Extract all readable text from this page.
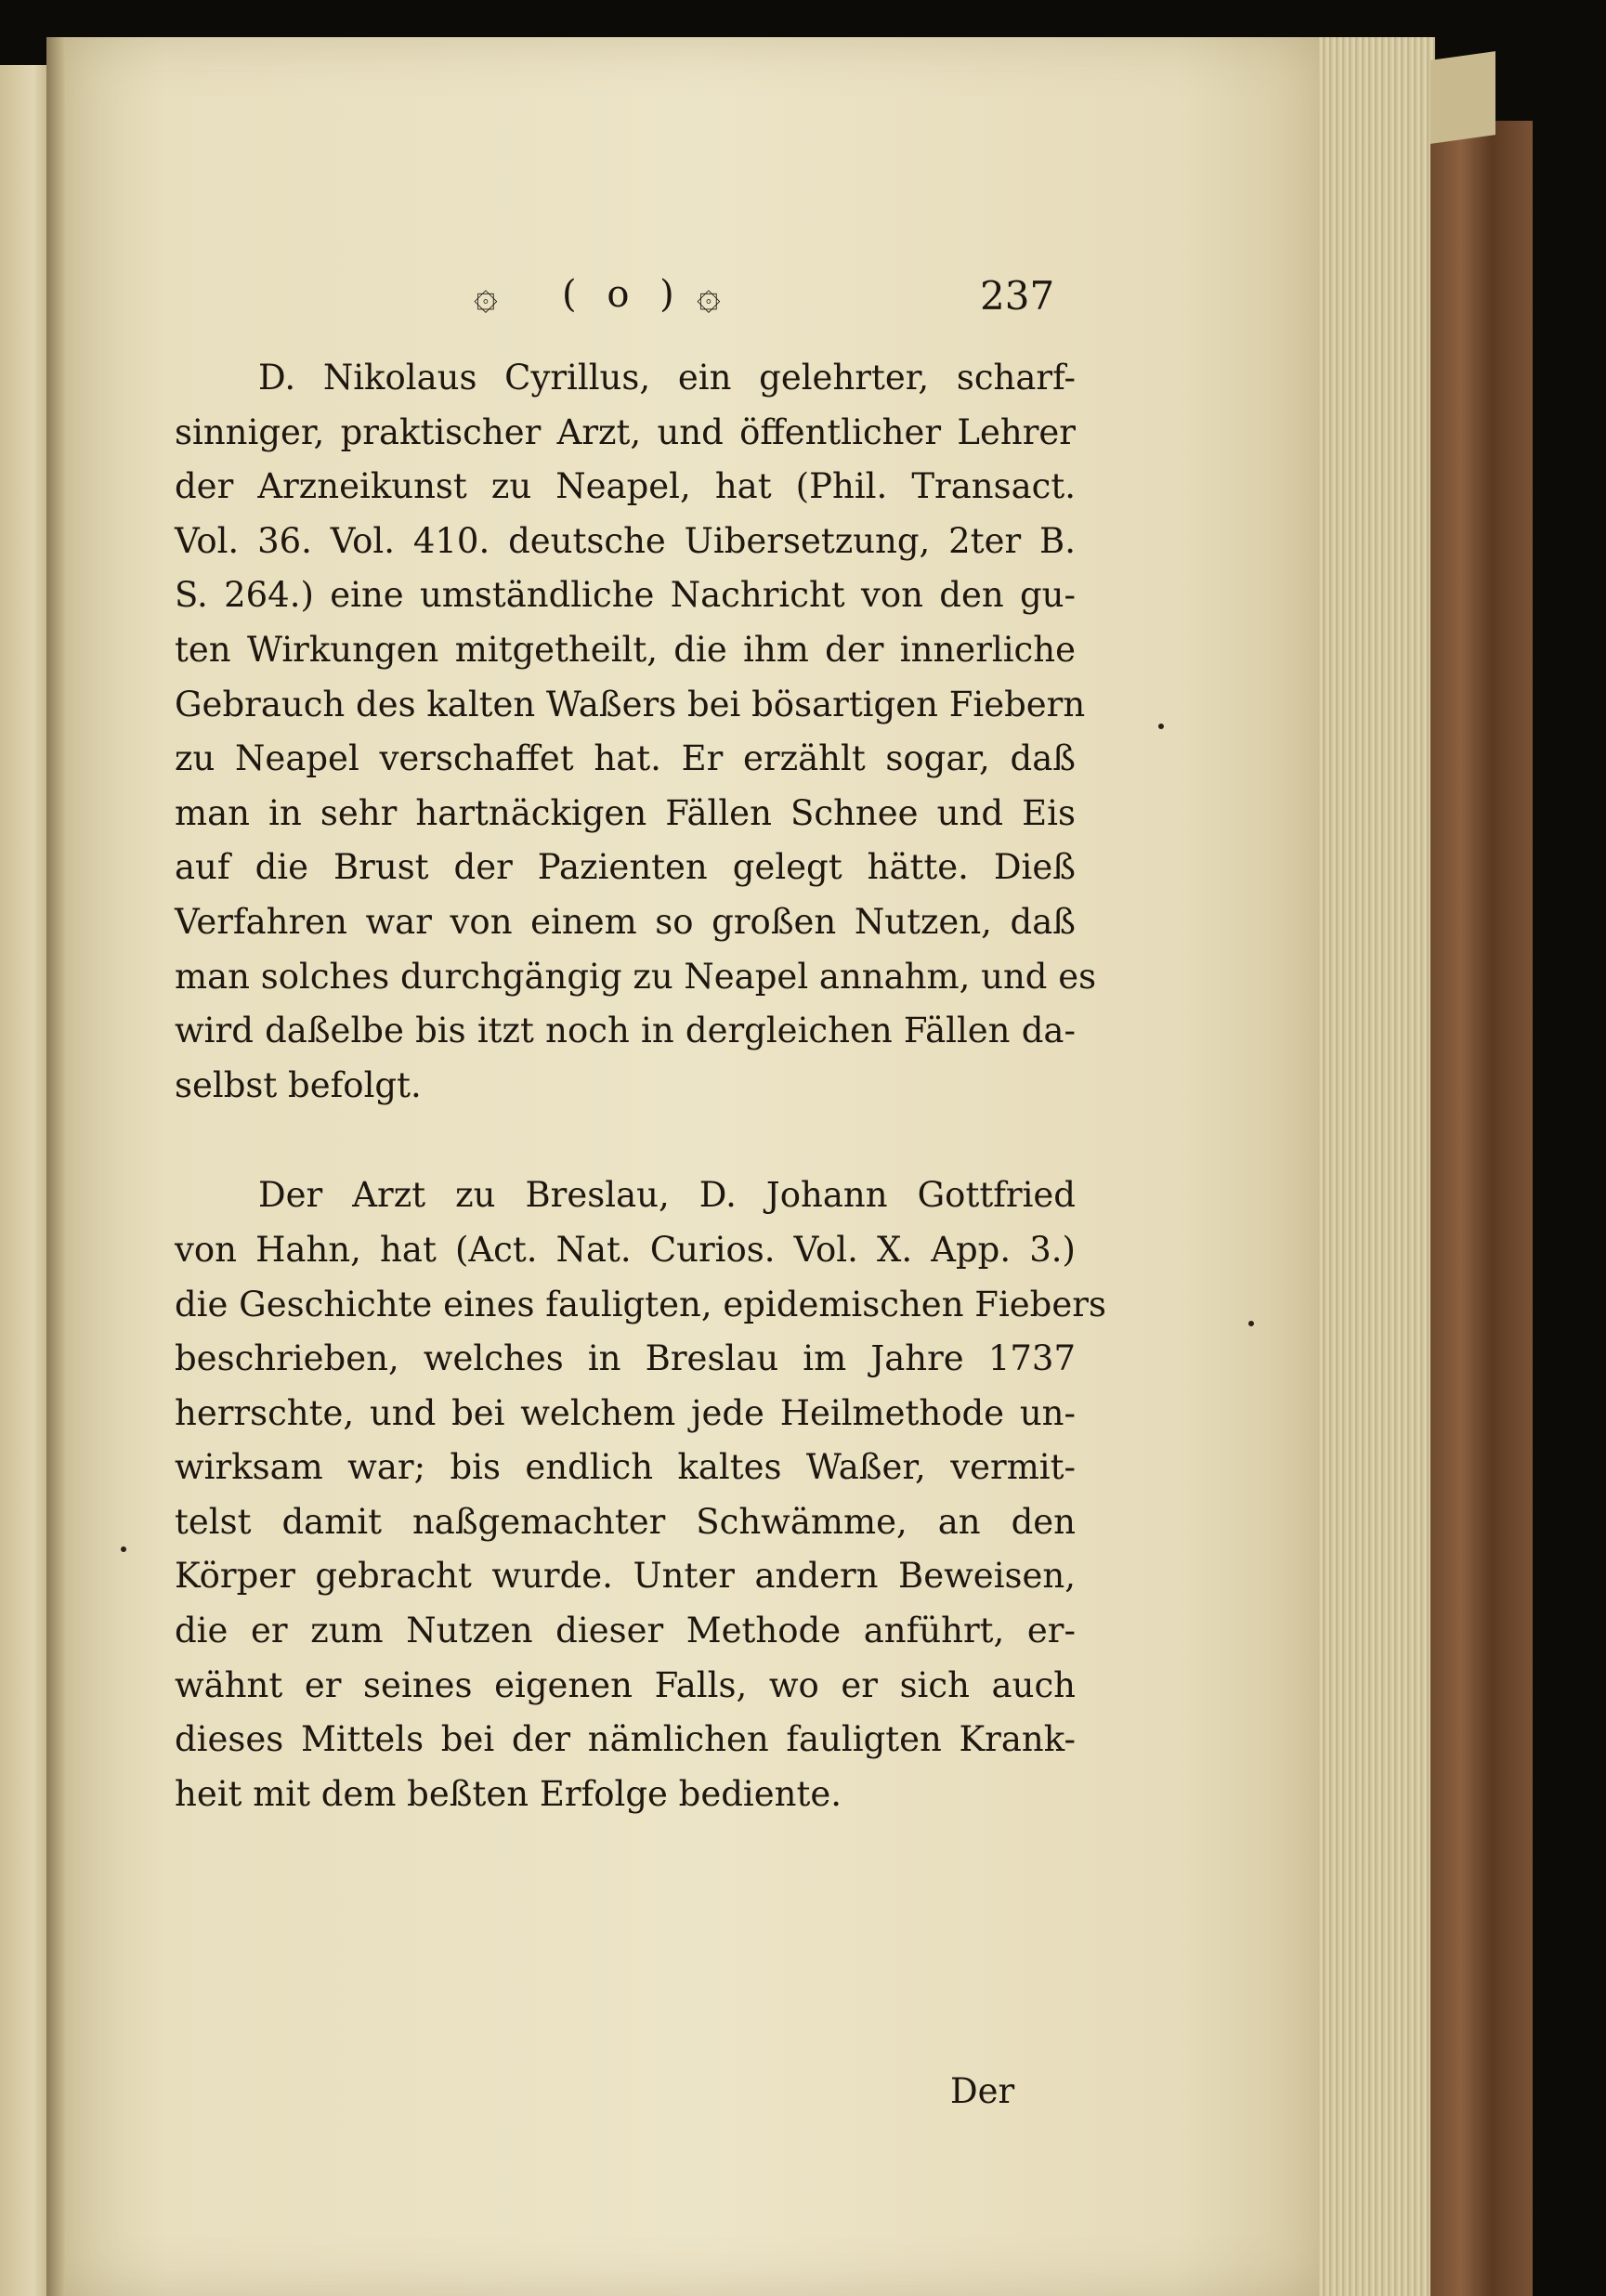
۞ ( o ) ۞	237
D. Nikolaus Cyrillus, ein gelehrter, scharf-
sinniger, praktischer Arzt, und öffentlicher Lehrer
der Arzneikunst zu Neapel, hat (Phil. Transact.
Vol. 36. Vol. 410. deutsche Uibersetzung, 2ter B.
S. 264.) eine umständliche Nachricht von den gu-
ten Wirkungen mitgetheilt, die ihm der innerliche
Gebrauch des kalten Waßers bei bösartigen Fiebern
zu Neapel verschaffet hat. Er erzählt sogar, daß
man in sehr hartnäckigen Fällen Schnee und Eis
auf die Brust der Pazienten gelegt hätte. Dieß
Verfahren war von einem so großen Nutzen, daß
man solches durchgängig zu Neapel annahm, und es
wird daßelbe bis itzt noch in dergleichen Fällen da-
selbst befolgt.
Der Arzt zu Breslau, D. Johann Gottfried
von Hahn, hat (Act. Nat. Curios. Vol. X. App. 3.)
die Geschichte eines fauligten, epidemischen Fiebers
beschrieben, welches in Breslau im Jahre 1737
herrschte, und bei welchem jede Heilmethode un-
wirksam war; bis endlich kaltes Waßer, vermit-
telst damit naßgemachter Schwämme, an den
Körper gebracht wurde. Unter andern Beweisen,
die er zum Nutzen dieser Methode anführt, er-
wähnt er seines eigenen Falls, wo er sich auch
dieses Mittels bei der nämlichen fauligten Krank-
heit mit dem beßten Erfolge bediente.
Der
